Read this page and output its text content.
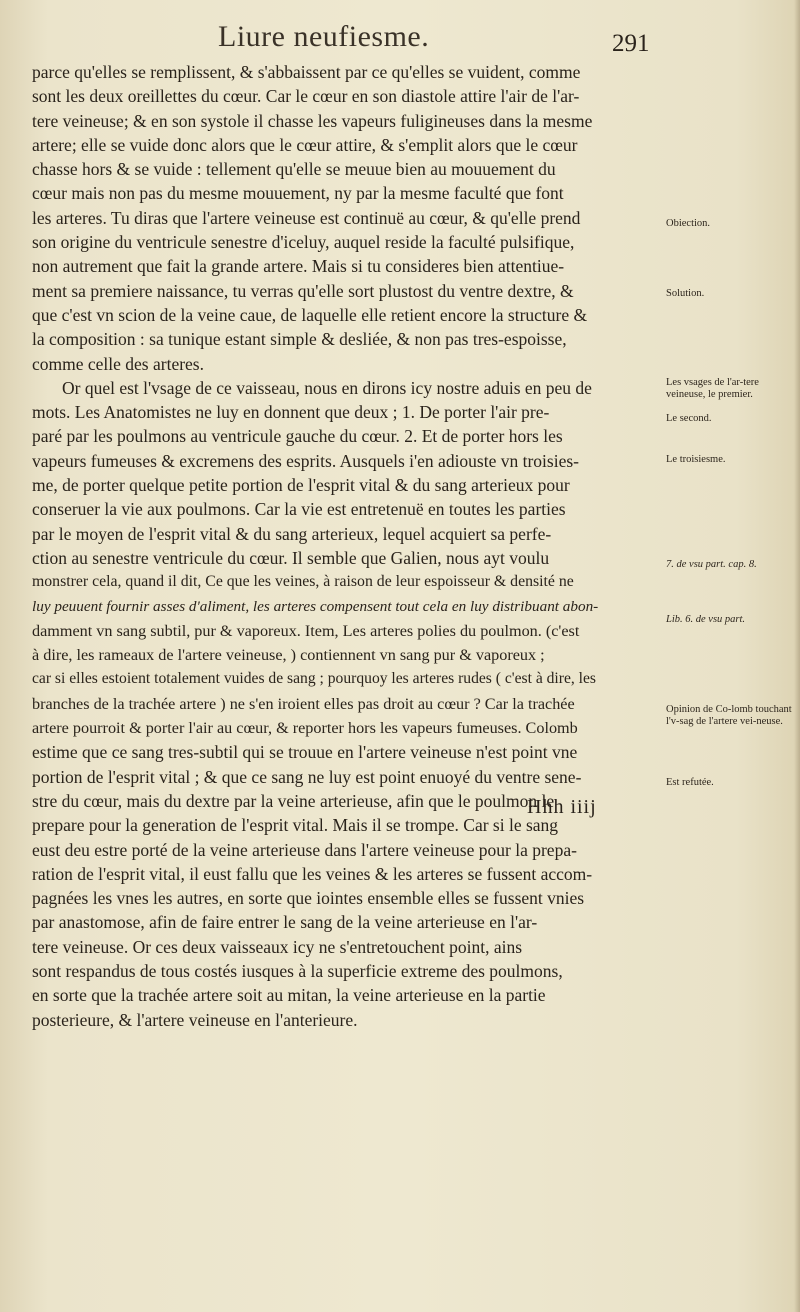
Liure neufiesme.	291
parce qu'elles se remplissent, & s'abbaissent par ce qu'elles se vuident, comme
sont les deux oreillettes du cœur. Car le cœur en son diastole attire l'air de l'ar-
tere veineuse; & en son systole il chasse les vapeurs fuligineuses dans la mesme
artere; elle se vuide donc alors que le cœur attire, & s'emplit alors que le cœur
chasse hors & se vuide : tellement qu'elle se meuue bien au mouuement du
cœur mais non pas du mesme mouuement, ny par la mesme faculté que font
les arteres. Tu diras que l'artere veineuse est continuë au cœur, & qu'elle prend
son origine du ventricule senestre d'iceluy, auquel reside la faculté pulsifique,
non autrement que fait la grande artere. Mais si tu consideres bien attentiue-
ment sa premiere naissance, tu verras qu'elle sort plustost du ventre dextre, &
que c'est vn scion de la veine caue, de laquelle elle retient encore la structure &
la composition : sa tunique estant simple & desliée, & non pas tres-espoisse,
comme celle des arteres.
Or quel est l'vsage de ce vaisseau, nous en dirons icy nostre aduis en peu de
mots. Les Anatomistes ne luy en donnent que deux ; 1. De porter l'air pre-
paré par les poulmons au ventricule gauche du cœur. 2. Et de porter hors les
vapeurs fumeuses & excremens des esprits. Ausquels i'en adiouste vn troisies-
me, de porter quelque petite portion de l'esprit vital & du sang arterieux pour
conseruer la vie aux poulmons. Car la vie est entretenuë en toutes les parties
par le moyen de l'esprit vital & du sang arterieux, lequel acquiert sa perfe-
ction au senestre ventricule du cœur. Il semble que Galien, nous ayt voulu
monstrer cela, quand il dit, Ce que les veines, à raison de leur espoisseur & densité ne
luy peuuent fournir asses d'aliment, les arteres compensent tout cela en luy distribuant abon-
damment vn sang subtil, pur & vaporeux. Item, Les arteres polies du poulmon. (c'est
à dire, les rameaux de l'artere veineuse, ) contiennent vn sang pur & vaporeux ;
car si elles estoient totalement vuides de sang ; pourquoy les arteres rudes ( c'est à dire, les
branches de la trachée artere ) ne s'en iroient elles pas droit au cœur ? Car la trachée
artere pourroit & porter l'air au cœur, & reporter hors les vapeurs fumeuses. Colomb
estime que ce sang tres-subtil qui se trouue en l'artere veineuse n'est point vne
portion de l'esprit vital ; & que ce sang ne luy est point enuoyé du ventre sene-
stre du cœur, mais du dextre par la veine arterieuse, afin que le poulmon le
prepare pour la generation de l'esprit vital. Mais il se trompe. Car si le sang
eust deu estre porté de la veine arterieuse dans l'artere veineuse pour la prepa-
ration de l'esprit vital, il eust fallu que les veines & les arteres se fussent accom-
pagnées les vnes les autres, en sorte que iointes ensemble elles se fussent vnies
par anastomose, afin de faire entrer le sang de la veine arterieuse en l'ar-
tere veineuse. Or ces deux vaisseaux icy ne s'entretouchent point, ains
sont respandus de tous costés iusques à la superficie extreme des poulmons,
en sorte que la trachée artere soit au mitan, la veine arterieuse en la partie
posterieure, & l'artere veineuse en l'anterieure.
Obiection.
Solution.
Les vsages de l'ar-tere veineuse, le premier.
Le second.
Le troisiesme.
7. de vsu part. cap. 8.
Lib. 6. de vsu part.
Opinion de Co-lomb touchant l'v-sag de l'artere vei-neuse.
Est refutée.
Hhh iiij
